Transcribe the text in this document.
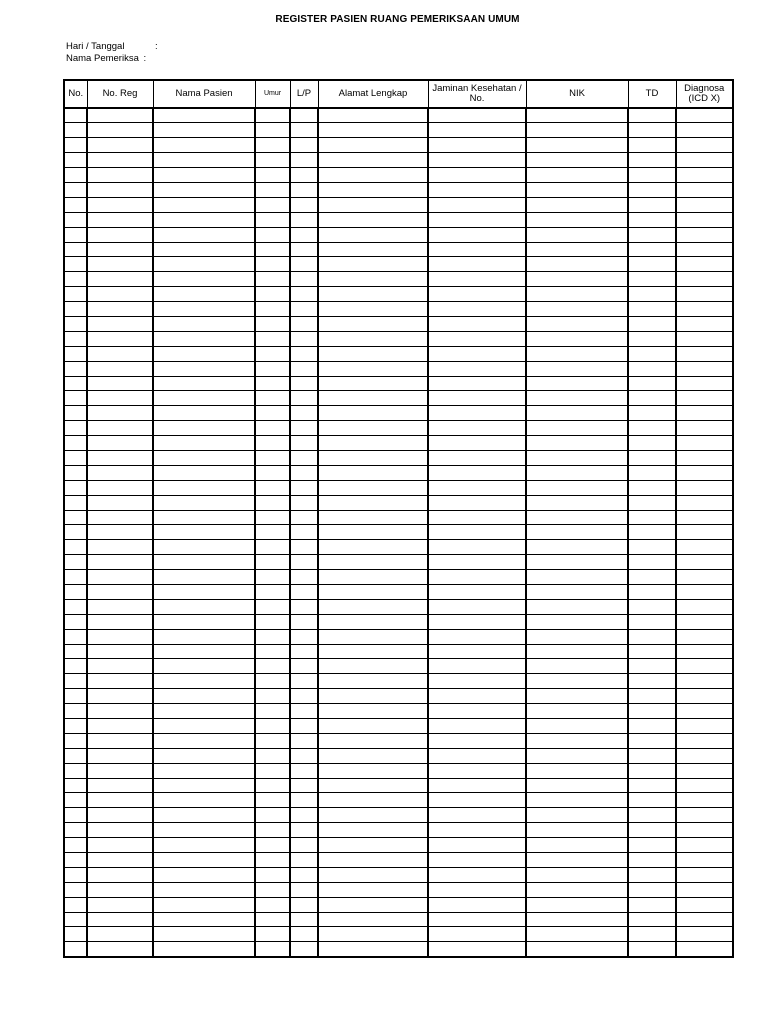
REGISTER PASIEN RUANG PEMERIKSAAN UMUM
Hari / Tanggal	:
Nama Pemeriksa :
No.	No. Reg	Nama Pasien	Umur	L/P	Alamat Lengkap	Jaminan Kesehatan / No.	NIK	TD	Diagnosa (ICD X)
